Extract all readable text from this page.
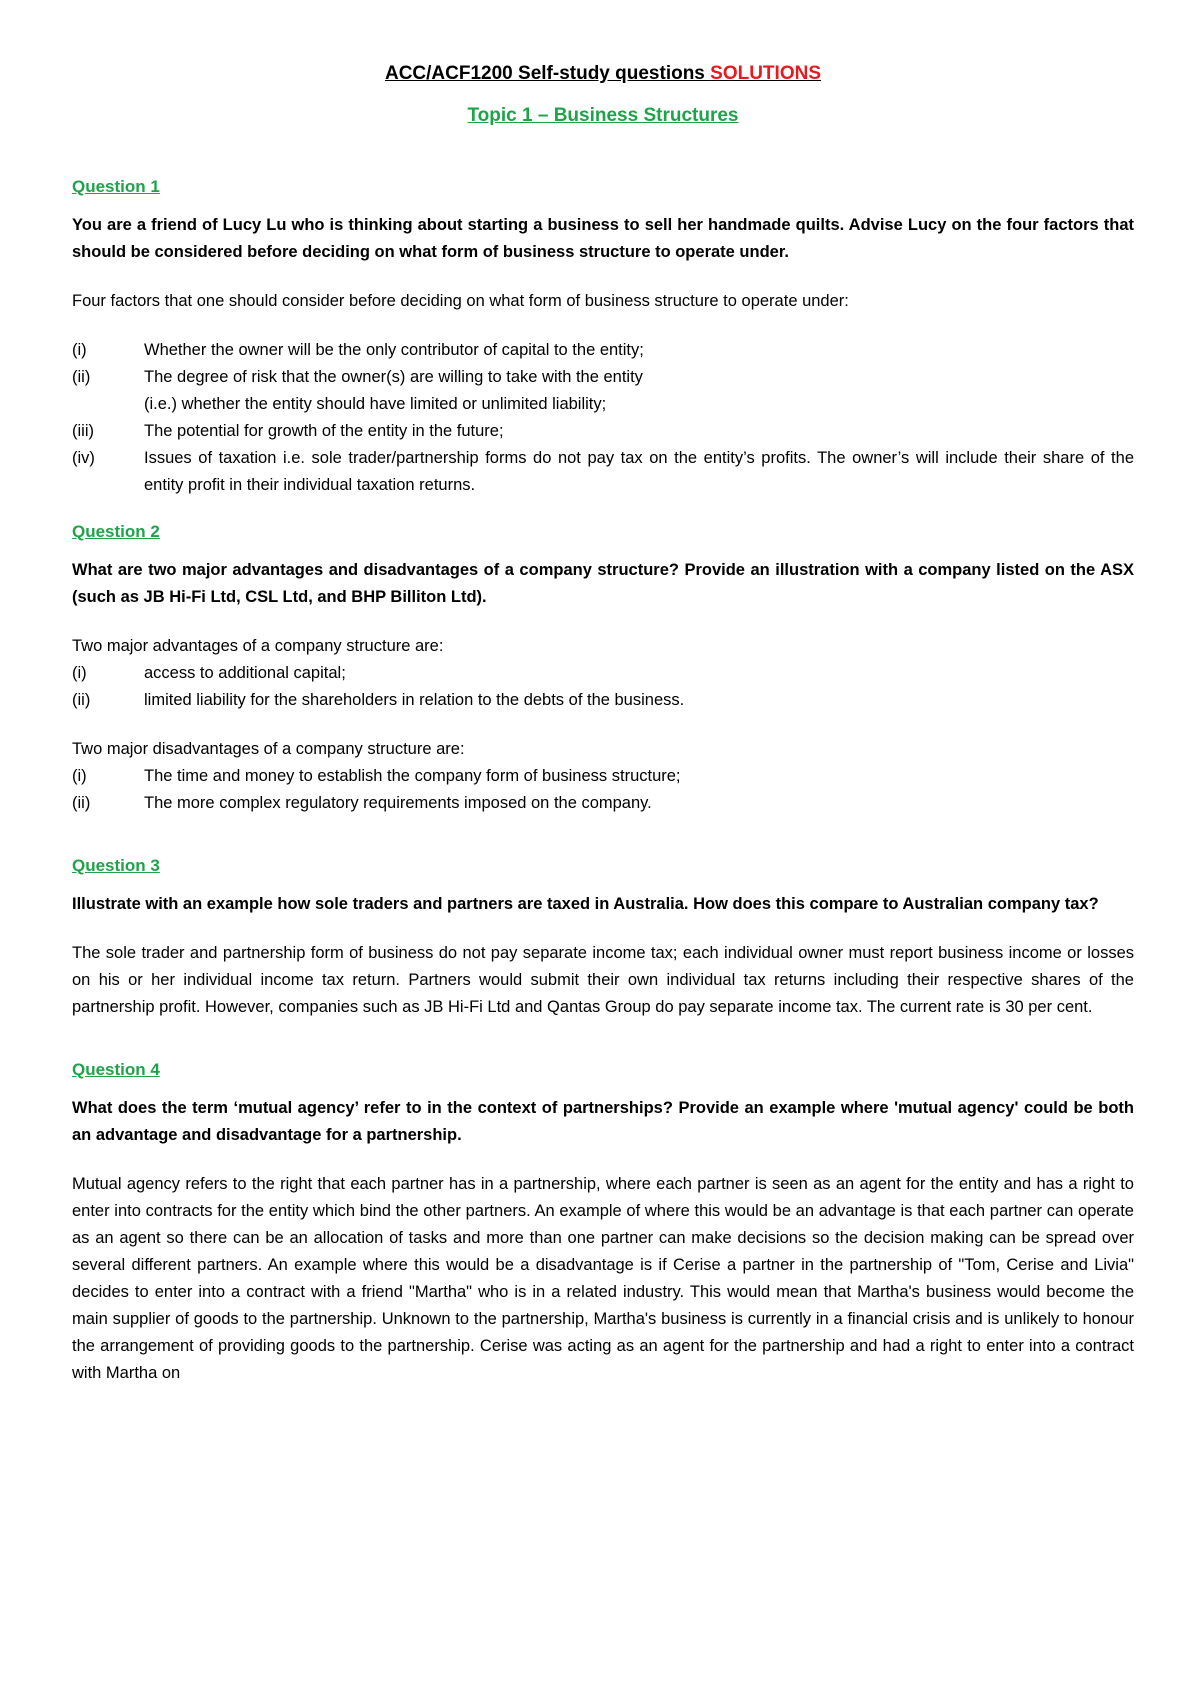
ACC/ACF1200 Self-study questions SOLUTIONS
Topic 1 – Business Structures
Question 1

You are a friend of Lucy Lu who is thinking about starting a business to sell her handmade quilts. Advise Lucy on the four factors that should be considered before deciding on what form of business structure to operate under.

Four factors that one should consider before deciding on what form of business structure to operate under:

(i)	Whether the owner will be the only contributor of capital to the entity;
(ii)	The degree of risk that the owner(s) are willing to take with the entity
(i.e.) whether the entity should have limited or unlimited liability;
(iii)	The potential for growth of the entity in the future;
(iv)	Issues of taxation i.e. sole trader/partnership forms do not pay tax on the entity’s profits. The owner’s will include their share of the entity profit in their individual taxation returns.
Question 2

What are two major advantages and disadvantages of a company structure? Provide an illustration with a company listed on the ASX (such as JB Hi-Fi Ltd, CSL Ltd, and BHP Billiton Ltd).

Two major advantages of a company structure are:

(i)	access to additional capital;
(ii)	limited liability for the shareholders in relation to the debts of the business.

Two major disadvantages of a company structure are:

(i)	The time and money to establish the company form of business structure;
(ii)	The more complex regulatory requirements imposed on the company.
Question 3

Illustrate with an example how sole traders and partners are taxed in Australia. How does this compare to Australian company tax?

The sole trader and partnership form of business do not pay separate income tax; each individual owner must report business income or losses on his or her individual income tax return. Partners would submit their own individual tax returns including their respective shares of the partnership profit. However, companies such as JB Hi-Fi Ltd and Qantas Group do pay separate income tax. The current rate is 30 per cent.

Question 4

What does the term ‘mutual agency’ refer to in the context of partnerships? Provide an example where 'mutual agency' could be both an advantage and disadvantage for a partnership.

Mutual agency refers to the right that each partner has in a partnership, where each partner is seen as an agent for the entity and has a right to enter into contracts for the entity which bind the other partners. An example of where this would be an advantage is that each partner can operate as an agent so there can be an allocation of tasks and more than one partner can make decisions so the decision making can be spread over several different partners. An example where this would be a disadvantage is if Cerise a partner in the partnership of "Tom, Cerise and Livia" decides to enter into a contract with a friend "Martha" who is in a related industry. This would mean that Martha's business would become the main supplier of goods to the partnership. Unknown to the partnership, Martha's business is currently in a financial crisis and is unlikely to honour the arrangement of providing goods to the partnership. Cerise was acting as an agent for the partnership and had a right to enter into a contract with Martha on
